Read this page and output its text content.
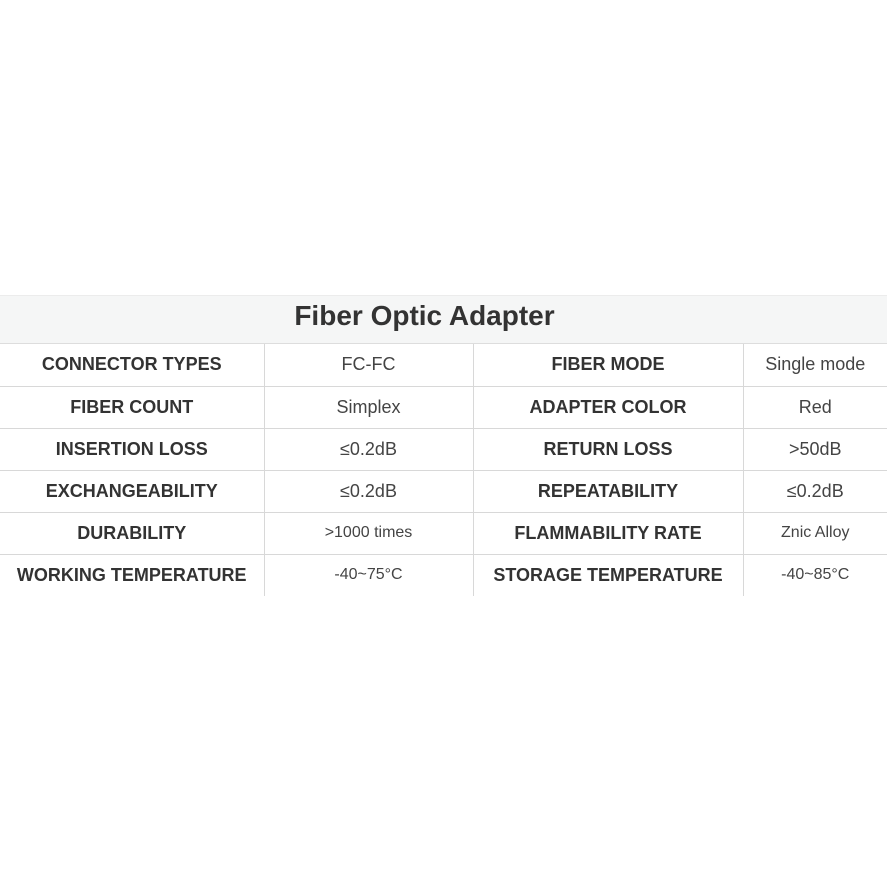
Fiber Optic Adapter
CONNECTOR TYPES	FC-FC	FIBER MODE	Single mode
FIBER COUNT	Simplex	ADAPTER COLOR	Red
INSERTION LOSS	≤0.2dB	RETURN LOSS	>50dB
EXCHANGEABILITY	≤0.2dB	REPEATABILITY	≤0.2dB
DURABILITY	>1000 times	FLAMMABILITY RATE	Znic Alloy
WORKING TEMPERATURE	-40~75°C	STORAGE TEMPERATURE	-40~85°C
